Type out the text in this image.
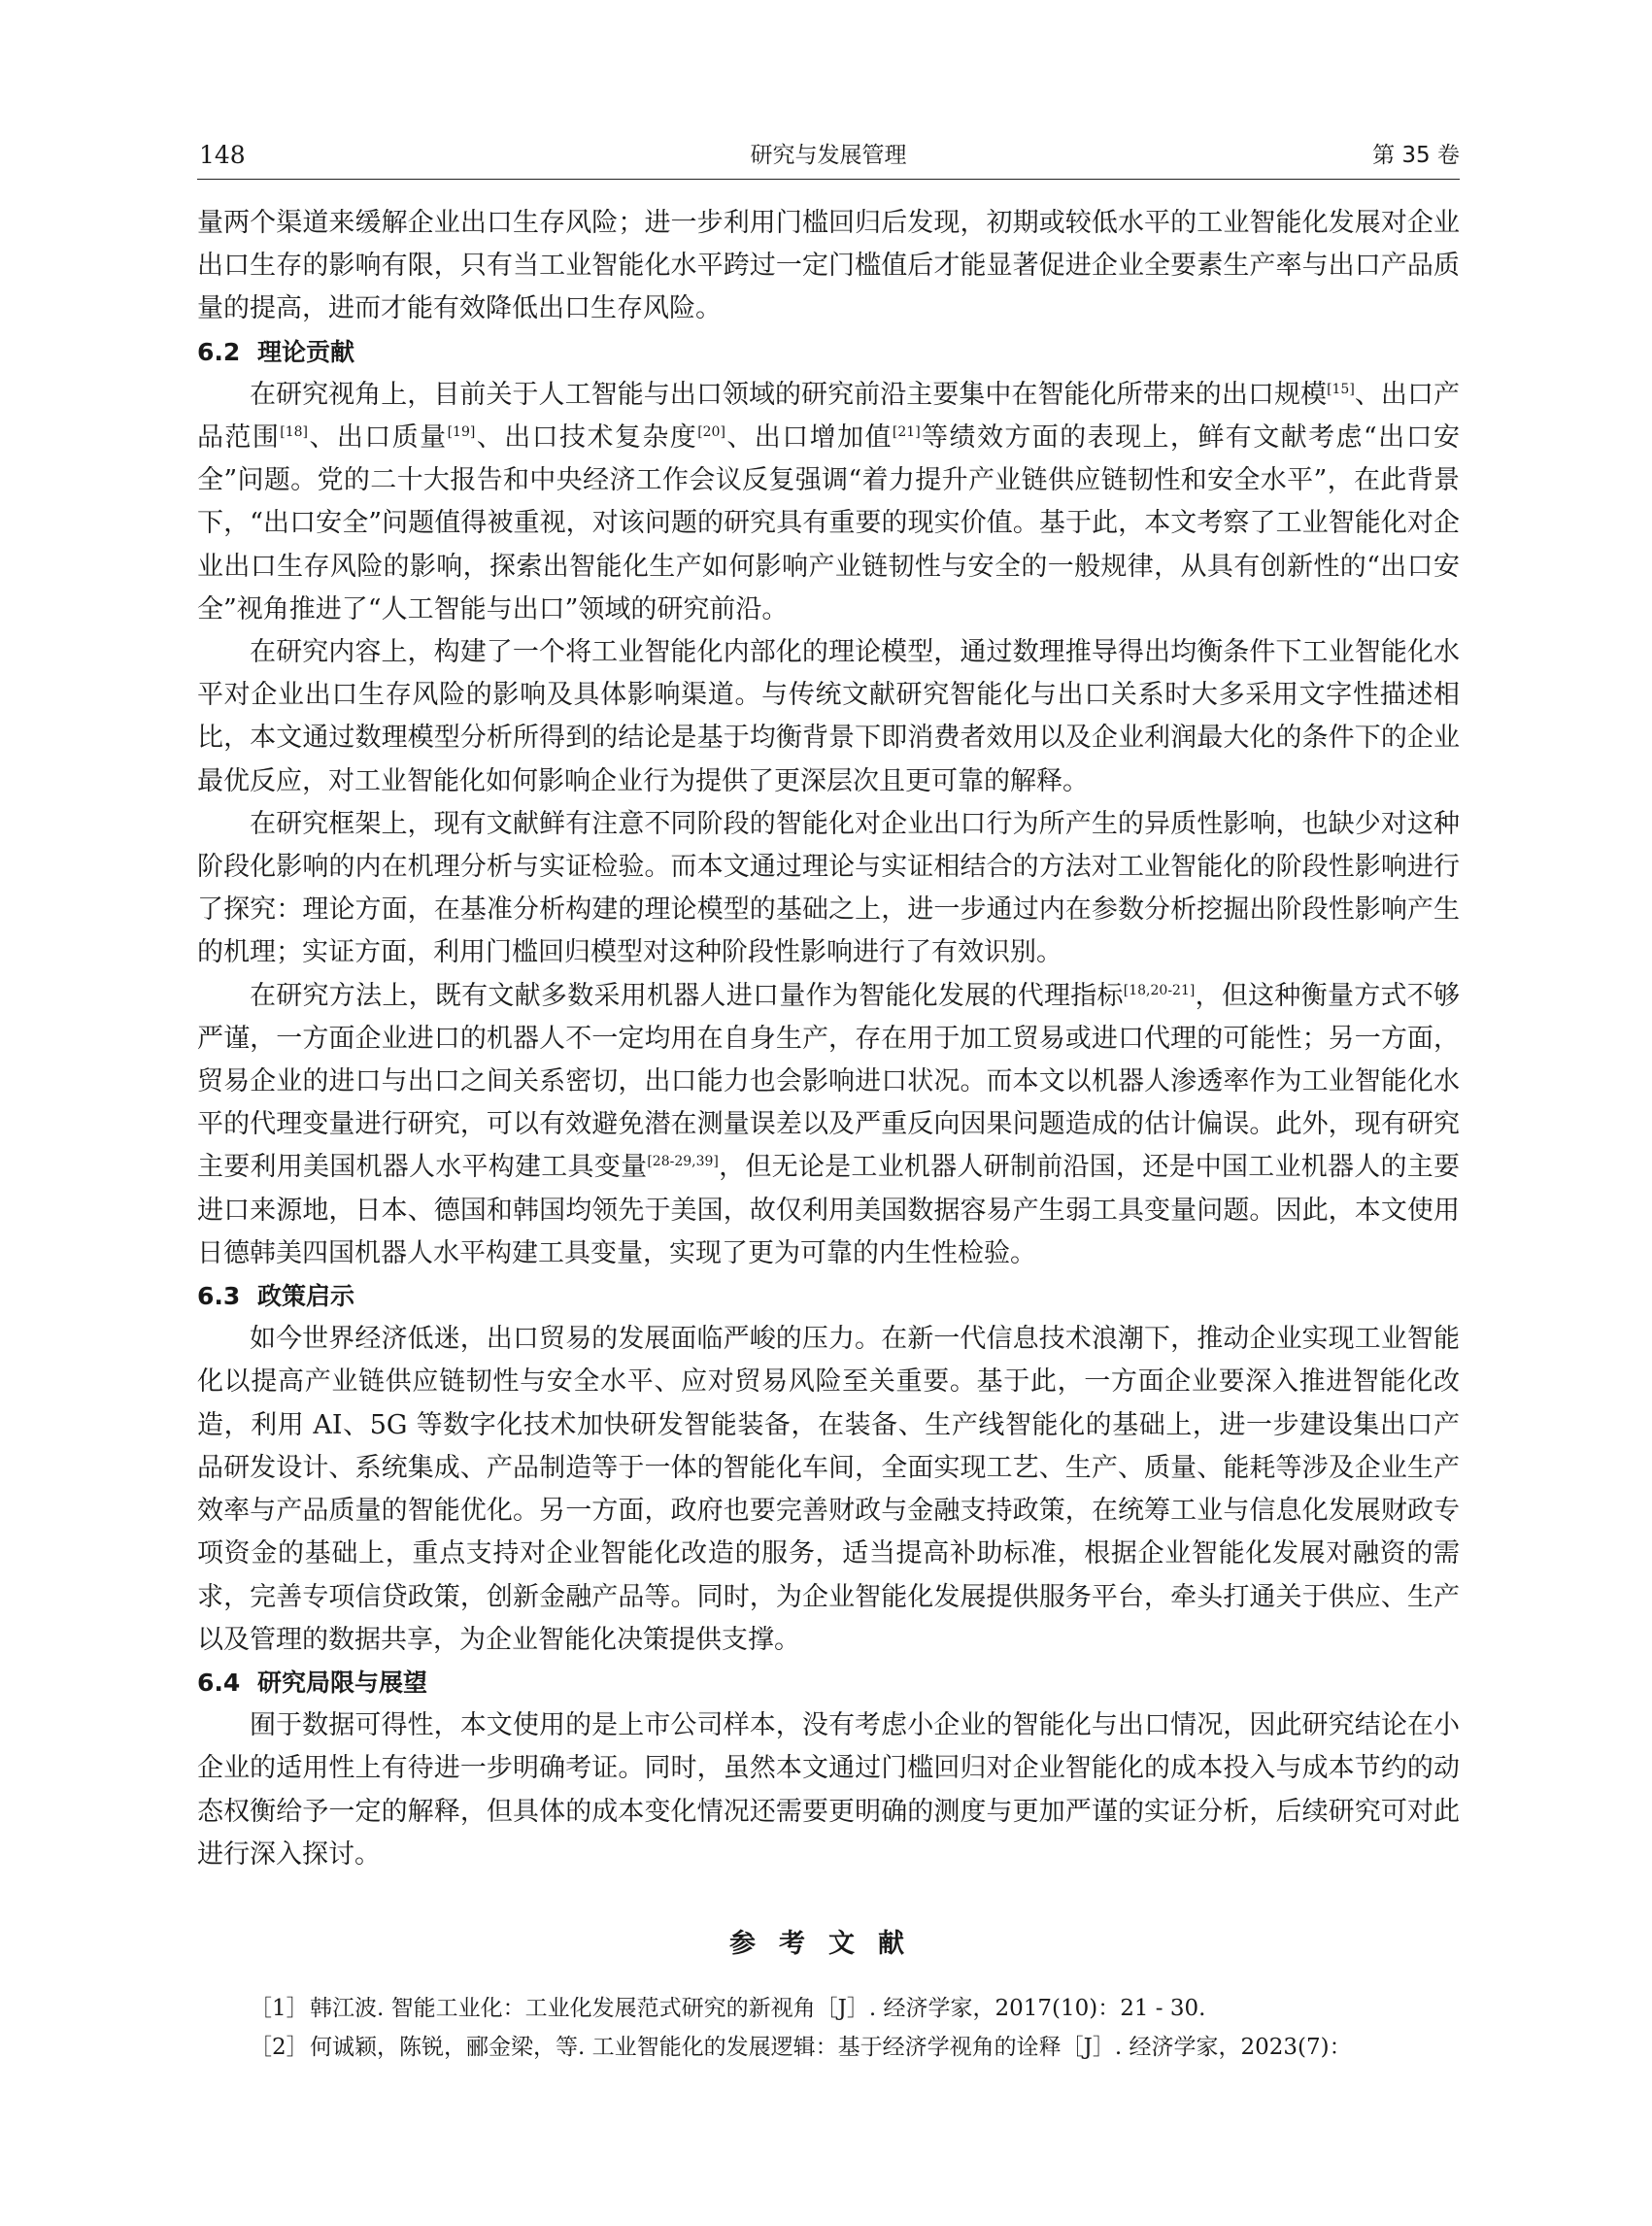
148	研究与发展管理	第 35 卷

量两个渠道来缓解企业出口生存风险；进一步利用门槛回归后发现，初期或较低水平的工业智能化发展对企业出口生存的影响有限，只有当工业智能化水平跨过一定门槛值后才能显著促进企业全要素生产率与出口产品质量的提高，进而才能有效降低出口生存风险。

6.2 理论贡献

在研究视角上，目前关于人工智能与出口领域的研究前沿主要集中在智能化所带来的出口规模[15]、出口产品范围[18]、出口质量[19]、出口技术复杂度[20]、出口增加值[21]等绩效方面的表现上，鲜有文献考虑“出口安全”问题。党的二十大报告和中央经济工作会议反复强调“着力提升产业链供应链韧性和安全水平”，在此背景下，“出口安全”问题值得被重视，对该问题的研究具有重要的现实价值。基于此，本文考察了工业智能化对企业出口生存风险的影响，探索出智能化生产如何影响产业链韧性与安全的一般规律，从具有创新性的“出口安全”视角推进了“人工智能与出口”领域的研究前沿。

在研究内容上，构建了一个将工业智能化内部化的理论模型，通过数理推导得出均衡条件下工业智能化水平对企业出口生存风险的影响及具体影响渠道。与传统文献研究智能化与出口关系时大多采用文字性描述相比，本文通过数理模型分析所得到的结论是基于均衡背景下即消费者效用以及企业利润最大化的条件下的企业最优反应，对工业智能化如何影响企业行为提供了更深层次且更可靠的解释。

在研究框架上，现有文献鲜有注意不同阶段的智能化对企业出口行为所产生的异质性影响，也缺少对这种阶段化影响的内在机理分析与实证检验。而本文通过理论与实证相结合的方法对工业智能化的阶段性影响进行了探究：理论方面，在基准分析构建的理论模型的基础之上，进一步通过内在参数分析挖掘出阶段性影响产生的机理；实证方面，利用门槛回归模型对这种阶段性影响进行了有效识别。

在研究方法上，既有文献多数采用机器人进口量作为智能化发展的代理指标[18,20-21]，但这种衡量方式不够严谨，一方面企业进口的机器人不一定均用在自身生产，存在用于加工贸易或进口代理的可能性；另一方面，贸易企业的进口与出口之间关系密切，出口能力也会影响进口状况。而本文以机器人渗透率作为工业智能化水平的代理变量进行研究，可以有效避免潜在测量误差以及严重反向因果问题造成的估计偏误。此外，现有研究主要利用美国机器人水平构建工具变量[28-29,39]，但无论是工业机器人研制前沿国，还是中国工业机器人的主要进口来源地，日本、德国和韩国均领先于美国，故仅利用美国数据容易产生弱工具变量问题。因此，本文使用日德韩美四国机器人水平构建工具变量，实现了更为可靠的内生性检验。

6.3 政策启示

如今世界经济低迷，出口贸易的发展面临严峻的压力。在新一代信息技术浪潮下，推动企业实现工业智能化以提高产业链供应链韧性与安全水平、应对贸易风险至关重要。基于此，一方面企业要深入推进智能化改造，利用 AI、5G 等数字化技术加快研发智能装备，在装备、生产线智能化的基础上，进一步建设集出口产品研发设计、系统集成、产品制造等于一体的智能化车间，全面实现工艺、生产、质量、能耗等涉及企业生产效率与产品质量的智能优化。另一方面，政府也要完善财政与金融支持政策，在统筹工业与信息化发展财政专项资金的基础上，重点支持对企业智能化改造的服务，适当提高补助标准，根据企业智能化发展对融资的需求，完善专项信贷政策，创新金融产品等。同时，为企业智能化发展提供服务平台，牵头打通关于供应、生产以及管理的数据共享，为企业智能化决策提供支撑。

6.4 研究局限与展望

囿于数据可得性，本文使用的是上市公司样本，没有考虑小企业的智能化与出口情况，因此研究结论在小企业的适用性上有待进一步明确考证。同时，虽然本文通过门槛回归对企业智能化的成本投入与成本节约的动态权衡给予一定的解释，但具体的成本变化情况还需要更明确的测度与更加严谨的实证分析，后续研究可对此进行深入探讨。

参考文献
［1］韩江波. 智能工业化：工业化发展范式研究的新视角［J］. 经济学家，2017(10)：21 - 30.
［2］何诚颖，陈锐，郦金梁，等. 工业智能化的发展逻辑：基于经济学视角的诠释［J］. 经济学家，2023(7)：
